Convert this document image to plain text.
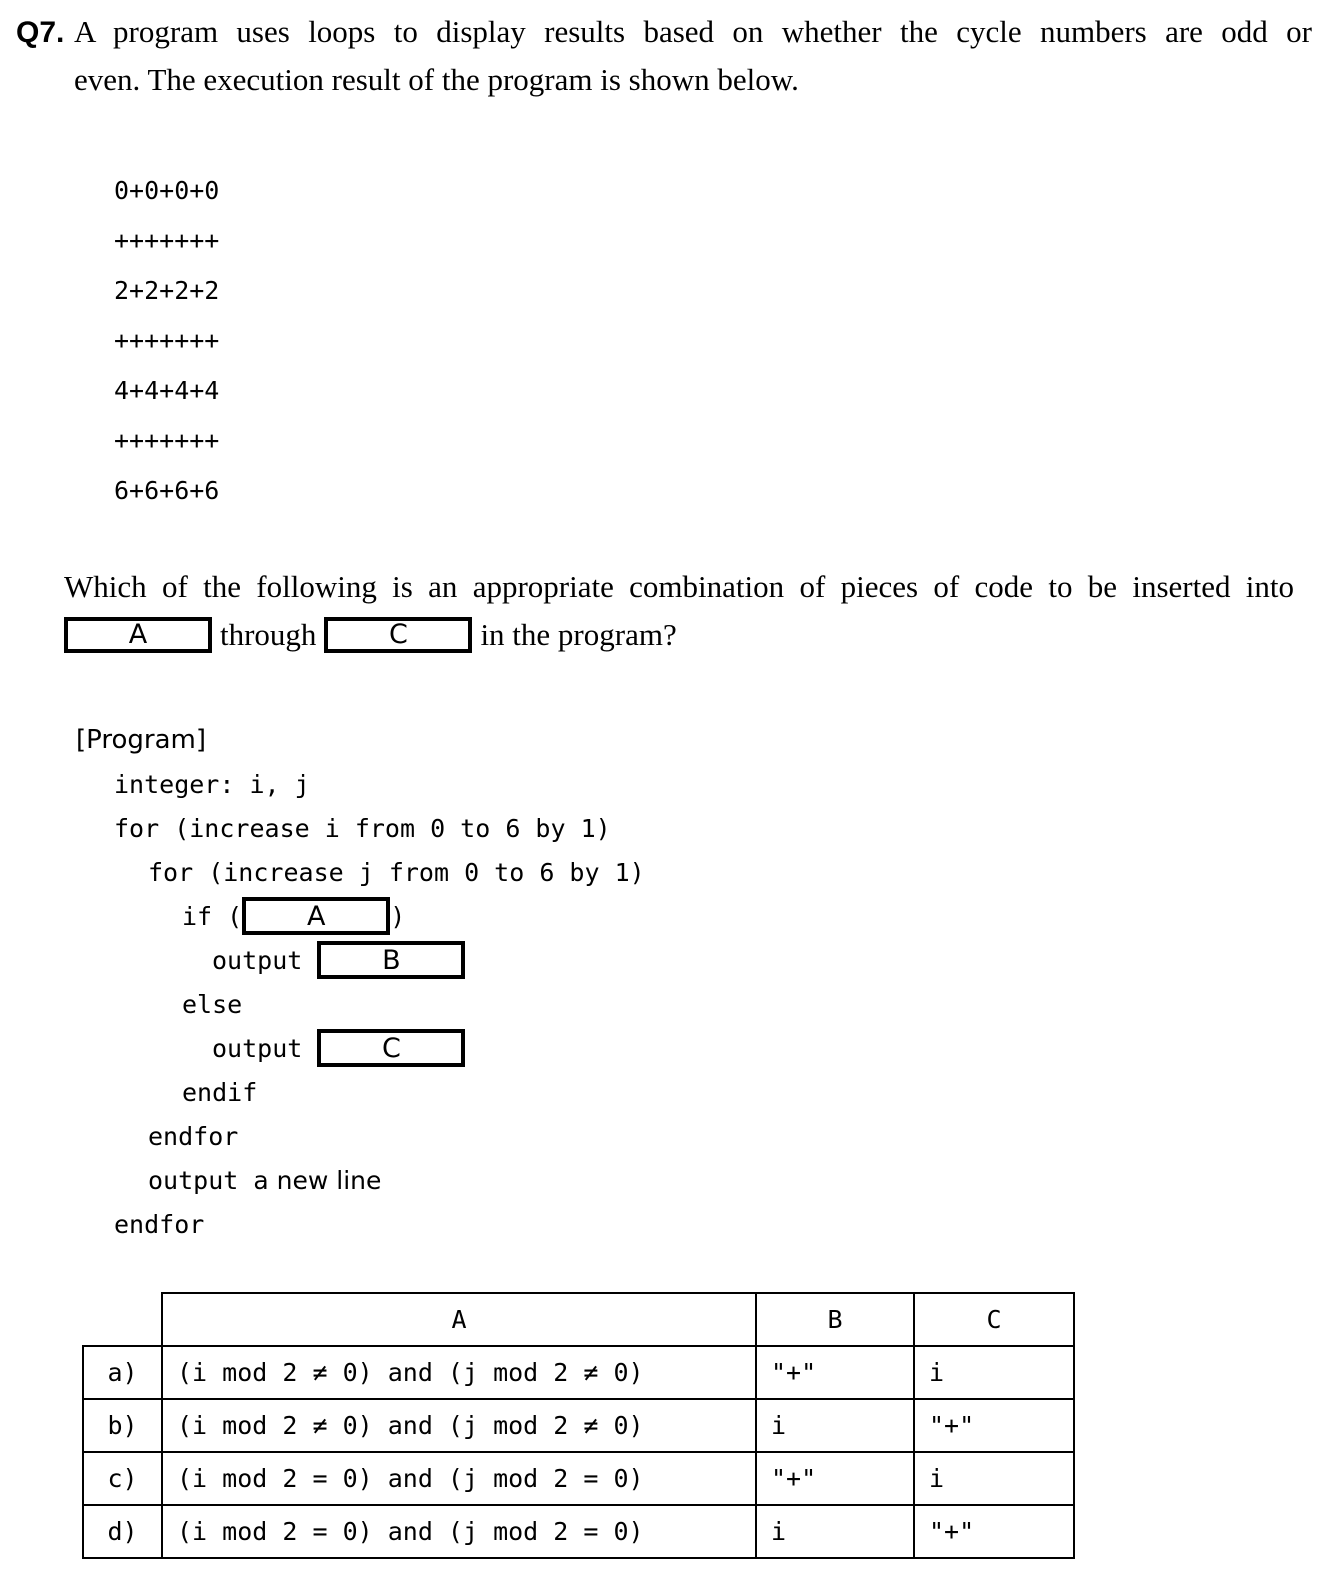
Q7. A program uses loops to display results based on whether the cycle numbers are odd or
even. The execution result of the program is shown below.
0+0+0+0
+++++++
2+2+2+2
+++++++
4+4+4+4
+++++++
6+6+6+6
Which of the following is an appropriate combination of pieces of code to be inserted into
A	through	C	in the program?
[Program]
integer: i, j
for (increase i from 0 to 6 by 1)
for (increase j from 0 to 6 by 1)
if (	A	)
output
	B
else
output
	C
endif
endfor
output
a new line
endfor
	A	B	C
a)	(i mod 2 ≠ 0) and (j mod 2 ≠ 0)	"+"	i
b)	(i mod 2 ≠ 0) and (j mod 2 ≠ 0)	i	"+"
c)	(i mod 2 = 0) and (j mod 2 = 0)	"+"	i
d)	(i mod 2 = 0) and (j mod 2 = 0)	i	"+"
